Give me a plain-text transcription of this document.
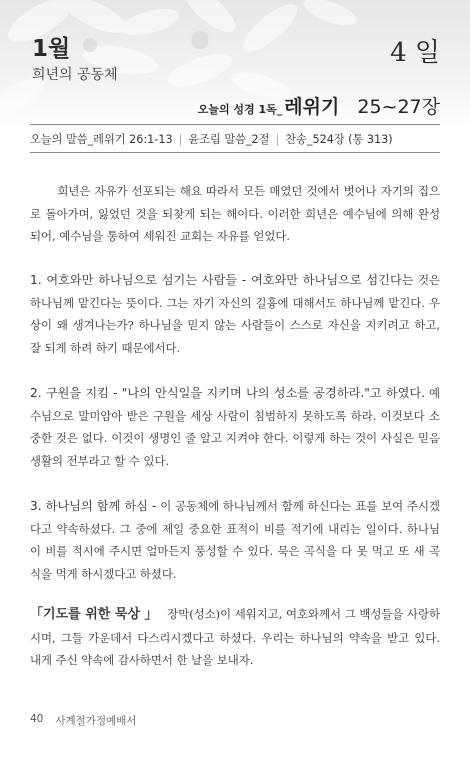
1월
희년의 공동체
4 일
오늘의 성경 1독_ 레위기 25~27장
오늘의 말씀_레위기 26:1-13 | 윤조림 말씀_2절 | 찬송_524장 (통 313)
희년은 자유가 선포되는 해요 따라서 모든 매였던 것에서 벗어나 자기의 집으로 돌아가며, 잃었던 것을 되찾게 되는 해이다. 이러한 희년은 예수님에 의해 완성되어, 예수님을 통하여 세워진 교회는 자유를 얻었다.
1. 여호와만 하나님으로 섬기는 사람들 - 여호와만 하나님으로 섬긴다는 것은 하나님께 맡긴다는 뜻이다. 그는 자기 자신의 길흉에 대해서도 하나님께 맡긴다. 우상이 왜 생겨나는가? 하나님을 믿지 않는 사람들이 스스로 자신을 지키려고 하고, 잘 되게 하려 하기 때문에서다.
2. 구원을 지킴 - "나의 안식일을 지키며 나의 성소를 공경하라."고 하였다. 예수님으로 말미암아 받은 구원을 세상 사람이 침범하지 못하도록 하라. 이것보다 소중한 것은 없다. 이것이 생명인 줄 알고 지켜야 한다. 이렇게 하는 것이 사실은 믿음 생활의 전부라고 할 수 있다.
3. 하나님의 함께 하심 - 이 공동체에 하나님께서 함께 하신다는 표를 보여 주시겠다고 약속하셨다. 그 중에 제일 중요한 표적이 비를 적기에 내리는 일이다. 하나님이 비를 적시에 주시면 얼마든지 풍성할 수 있다. 묵은 곡식을 다 못 먹고 또 새 곡식을 먹게 하시겠다고 하셨다.
「기도를 위한 묵상 」 장막(성소)이 세워지고, 여호와께서 그 백성들을 사랑하시며, 그들 가운데서 다스리시겠다고 하셨다. 우리는 하나님의 약속을 받고 있다. 내게 주신 약속에 감사하면서 한 날을 보내자.
40 사계절가정예배서
